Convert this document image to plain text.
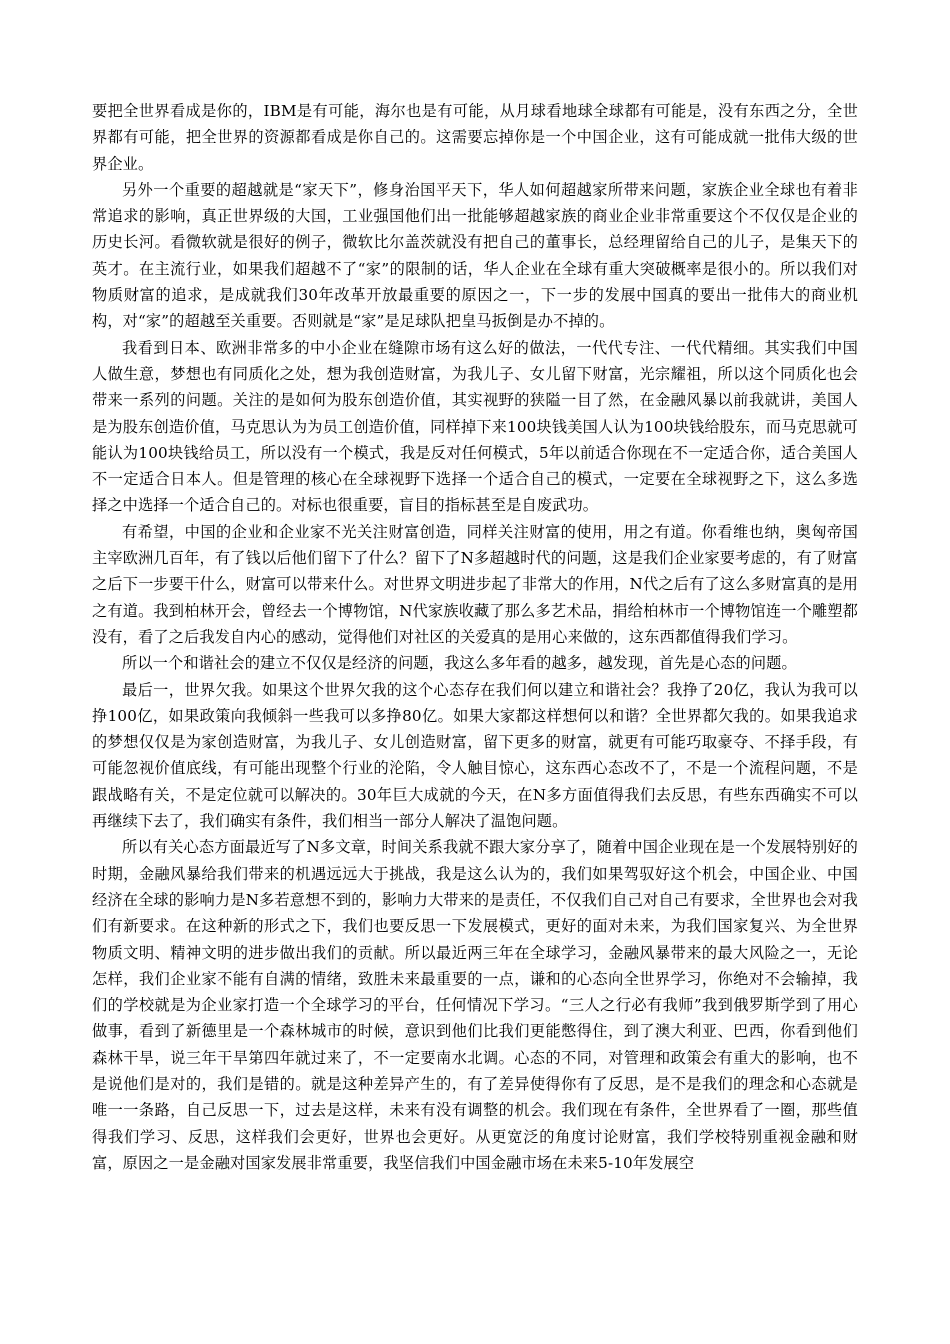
要把全世界看成是你的，IBM是有可能，海尔也是有可能，从月球看地球全球都有可能是，没有东西之分，全世界都有可能，把全世界的资源都看成是你自己的。这需要忘掉你是一个中国企业，这有可能成就一批伟大级的世界企业。

另外一个重要的超越就是“家天下”，修身治国平天下，华人如何超越家所带来问题，家族企业全球也有着非常追求的影响，真正世界级的大国，工业强国他们出一批能够超越家族的商业企业非常重要这个不仅仅是企业的历史长河。看微软就是很好的例子，微软比尔盖茨就没有把自己的董事长，总经理留给自己的儿子，是集天下的英才。在主流行业，如果我们超越不了“家”的限制的话，华人企业在全球有重大突破概率是很小的。所以我们对物质财富的追求，是成就我们30年改革开放最重要的原因之一，下一步的发展中国真的要出一批伟大的商业机构，对“家”的超越至关重要。否则就是“家”是足球队把皇马扳倒是办不掉的。

我看到日本、欧洲非常多的中小企业在缝隙市场有这么好的做法，一代代专注、一代代精细。其实我们中国人做生意，梦想也有同质化之处，想为我创造财富，为我儿子、女儿留下财富，光宗耀祖，所以这个同质化也会带来一系列的问题。关注的是如何为股东创造价值，其实视野的狭隘一目了然，在金融风暴以前我就讲，美国人是为股东创造价值，马克思认为为员工创造价值，同样掉下来100块钱美国人认为100块钱给股东，而马克思就可能认为100块钱给员工，所以没有一个模式，我是反对任何模式，5年以前适合你现在不一定适合你，适合美国人不一定适合日本人。但是管理的核心在全球视野下选择一个适合自己的模式，一定要在全球视野之下，这么多选择之中选择一个适合自己的。对标也很重要，盲目的指标甚至是自废武功。

有希望，中国的企业和企业家不光关注财富创造，同样关注财富的使用，用之有道。你看维也纳，奥匈帝国主宰欧洲几百年，有了钱以后他们留下了什么？留下了N多超越时代的问题，这是我们企业家要考虑的，有了财富之后下一步要干什么，财富可以带来什么。对世界文明进步起了非常大的作用，N代之后有了这么多财富真的是用之有道。我到柏林开会，曾经去一个博物馆，N代家族收藏了那么多艺术品，捐给柏林市一个博物馆连一个雕塑都没有，看了之后我发自内心的感动，觉得他们对社区的关爱真的是用心来做的，这东西都值得我们学习。

所以一个和谐社会的建立不仅仅是经济的问题，我这么多年看的越多，越发现，首先是心态的问题。

最后一，世界欠我。如果这个世界欠我的这个心态存在我们何以建立和谐社会？我挣了20亿，我认为我可以挣100亿，如果政策向我倾斜一些我可以多挣80亿。如果大家都这样想何以和谐？全世界都欠我的。如果我追求的梦想仅仅是为家创造财富，为我儿子、女儿创造财富，留下更多的财富，就更有可能巧取豪夺、不择手段，有可能忽视价值底线，有可能出现整个行业的沦陷，令人触目惊心，这东西心态改不了，不是一个流程问题，不是跟战略有关，不是定位就可以解决的。30年巨大成就的今天，在N多方面值得我们去反思，有些东西确实不可以再继续下去了，我们确实有条件，我们相当一部分人解决了温饱问题。

所以有关心态方面最近写了N多文章，时间关系我就不跟大家分享了，随着中国企业现在是一个发展特别好的时期，金融风暴给我们带来的机遇远远大于挑战，我是这么认为的，我们如果驾驭好这个机会，中国企业、中国经济在全球的影响力是N多若意想不到的，影响力大带来的是责任，不仅我们自己对自己有要求，全世界也会对我们有新要求。在这种新的形式之下，我们也要反思一下发展模式，更好的面对未来，为我们国家复兴、为全世界物质文明、精神文明的进步做出我们的贡献。所以最近两三年在全球学习，金融风暴带来的最大风险之一，无论怎样，我们企业家不能有自满的情绪，致胜未来最重要的一点，谦和的心态向全世界学习，你绝对不会输掉，我们的学校就是为企业家打造一个全球学习的平台，任何情况下学习。“三人之行必有我师”我到俄罗斯学到了用心做事，看到了新德里是一个森林城市的时候，意识到他们比我们更能憋得住，到了澳大利亚、巴西，你看到他们森林干旱，说三年干旱第四年就过来了，不一定要南水北调。心态的不同，对管理和政策会有重大的影响，也不是说他们是对的，我们是错的。就是这种差异产生的，有了差异使得你有了反思，是不是我们的理念和心态就是唯一一条路，自己反思一下，过去是这样，未来有没有调整的机会。我们现在有条件，全世界看了一圈，那些值得我们学习、反思，这样我们会更好，世界也会更好。从更宽泛的角度讨论财富，我们学校特别重视金融和财富，原因之一是金融对国家发展非常重要，我坚信我们中国金融市场在未来5-10年发展空
